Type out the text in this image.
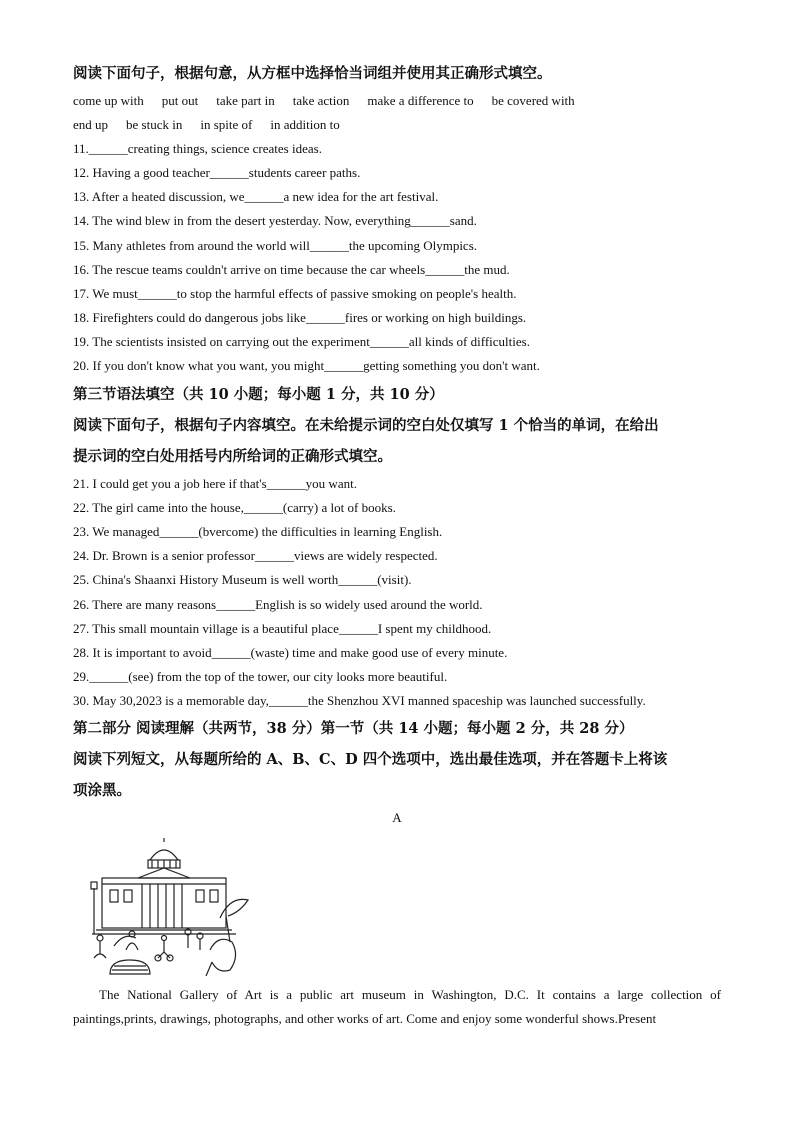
阅读下面句子，根据句意，从方框中选择恰当词组并使用其正确形式填空。
come up with put out take part in take action make a difference to be covered with
end up be stuck in in spite of in addition to
11.______creating things, science creates ideas.
12. Having a good teacher______students career paths.
13. After a heated discussion, we______a new idea for the art festival.
14. The wind blew in from the desert yesterday. Now, everything______sand.
15. Many athletes from around the world will______the upcoming Olympics.
16. The rescue teams couldn't arrive on time because the car wheels______the mud.
17. We must______to stop the harmful effects of passive smoking on people's health.
18. Firefighters could do dangerous jobs like______fires or working on high buildings.
19. The scientists insisted on carrying out the experiment______all kinds of difficulties.
20. If you don't know what you want, you might______getting something you don't want.
第三节语法填空（共 10 小题；每小题 1 分，共 10 分）
阅读下面句子，根据句子内容填空。在未给提示词的空白处仅填写 1 个恰当的单词，在给出
提示词的空白处用括号内所给词的正确形式填空。
21. I could get you a job here if that's______you want.
22. The girl came into the house,______(carry) a lot of books.
23. We managed______(bvercome) the difficulties in learning English.
24. Dr. Brown is a senior professor______views are widely respected.
25. China's Shaanxi History Museum is well worth______(visit).
26. There are many reasons______English is so widely used around the world.
27. This small mountain village is a beautiful place______I spent my childhood.
28. It is important to avoid______(waste) time and make good use of every minute.
29.______(see) from the top of the tower, our city looks more beautiful.
30. May 30,2023 is a memorable day,______the Shenzhou XVI manned spaceship was launched successfully.
第二部分 阅读理解（共两节，38 分）第一节（共 14 小题；每小题 2 分，共 28 分）
阅读下列短文，从每题所给的 A、B、C、D 四个选项中，选出最佳选项，并在答题卡上将该
项涂黑。
A
The National Gallery of Art is a public art museum in Washington, D.C. It contains a large collection of paintings,prints, drawings, photographs, and other works of art. Come and enjoy some wonderful shows.Present
